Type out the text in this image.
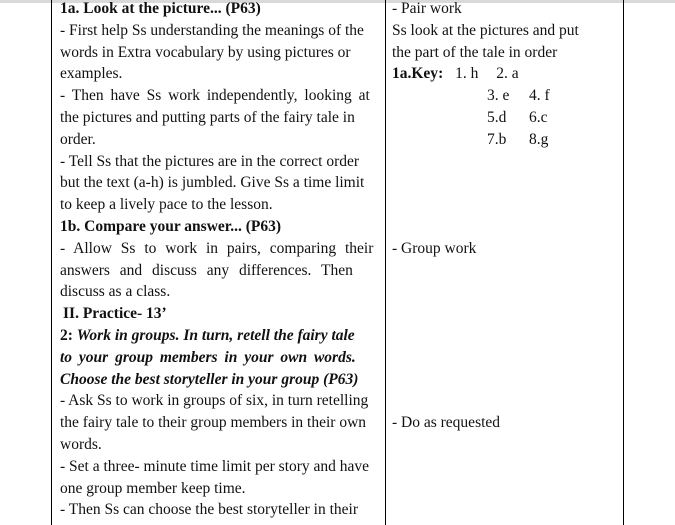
1a. Look at the picture... (P63)
- First help Ss understanding the meanings of the
words in Extra vocabulary by using pictures or
examples.
- Then have Ss work independently, looking at
the pictures and putting parts of the fairy tale in
order.
- Tell Ss that the pictures are in the correct order
but the text (a-h) is jumbled. Give Ss a time limit
to keep a lively pace to the lesson.
1b. Compare your answer... (P63)
- Allow Ss to work in pairs, comparing their
answers and discuss any differences. Then
discuss as a class.
II. Practice- 13’
2: Work in groups. In turn, retell the fairy tale
to your group members in your own words.
Choose the best storyteller in your group (P63)
- Ask Ss to work in groups of six, in turn retelling
the fairy tale to their group members in their own
words.
- Set a three- minute time limit per story and have
one group member keep time.
- Then Ss can choose the best storyteller in their
- Pair work
Ss look at the pictures and put
the part of the tale in order
1a.Key: 1. h 2. a
3. e 4. f
5.d 6.c
7.b 8.g
- Group work
- Do as requested
